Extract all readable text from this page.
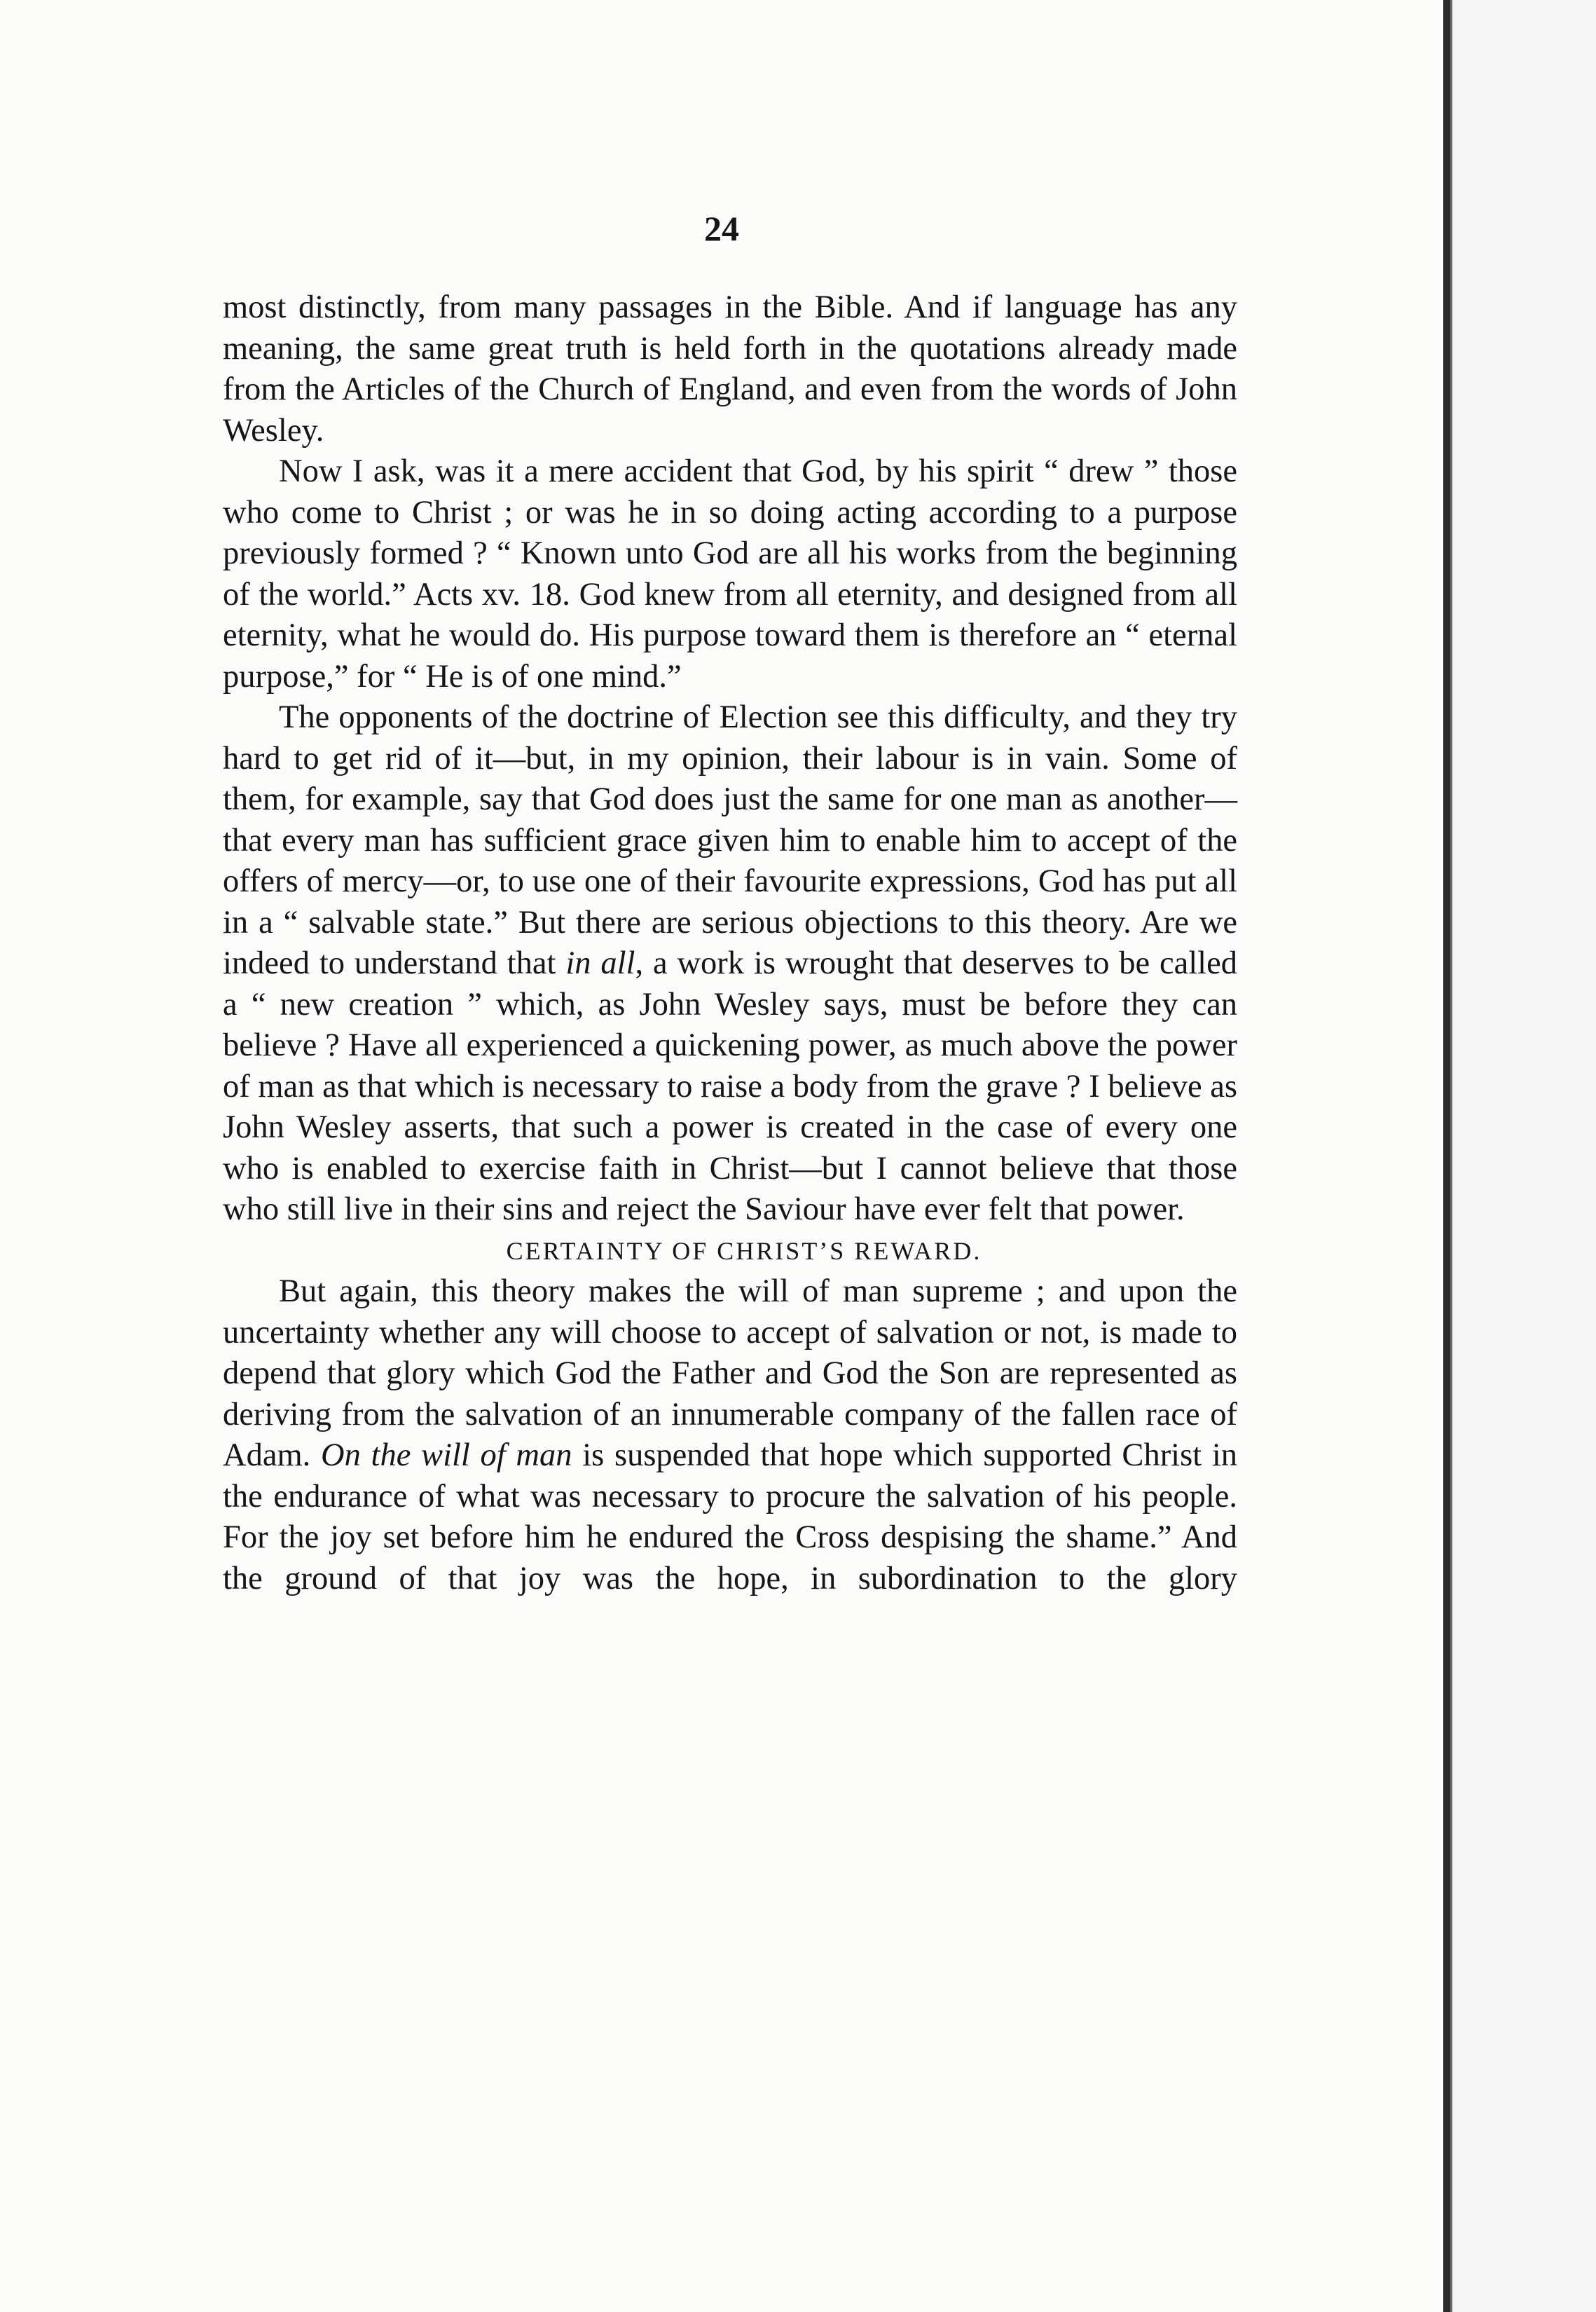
24

most distinctly, from many passages in the Bible. And if language has any meaning, the same great truth is held forth in the quotations already made from the Articles of the Church of England, and even from the words of John Wesley.

Now I ask, was it a mere accident that God, by his spirit “ drew ” those who come to Christ ; or was he in so doing acting according to a purpose previously formed ? “ Known unto God are all his works from the beginning of the world.” Acts xv. 18. God knew from all eternity, and designed from all eternity, what he would do. His purpose toward them is therefore an “ eternal purpose,” for “ He is of one mind.”

The opponents of the doctrine of Election see this difficulty, and they try hard to get rid of it—but, in my opinion, their labour is in vain. Some of them, for example, say that God does just the same for one man as another—that every man has sufficient grace given him to enable him to accept of the offers of mercy—or, to use one of their favourite expressions, God has put all in a “ salvable state.” But there are serious objections to this theory. Are we indeed to understand that in all, a work is wrought that deserves to be called a “ new creation ” which, as John Wesley says, must be before they can believe ? Have all experienced a quickening power, as much above the power of man as that which is necessary to raise a body from the grave ? I believe as John Wesley asserts, that such a power is created in the case of every one who is enabled to exercise faith in Christ—but I cannot believe that those who still live in their sins and reject the Saviour have ever felt that power.

CERTAINTY OF CHRIST’S REWARD.

But again, this theory makes the will of man supreme ; and upon the uncertainty whether any will choose to accept of salvation or not, is made to depend that glory which God the Father and God the Son are represented as deriving from the salvation of an innumerable company of the fallen race of Adam. On the will of man is suspended that hope which supported Christ in the endurance of what was necessary to procure the salvation of his people. For the joy set before him he endured the Cross despising the shame.” And the ground of that joy was the hope, in subordination to the glory
